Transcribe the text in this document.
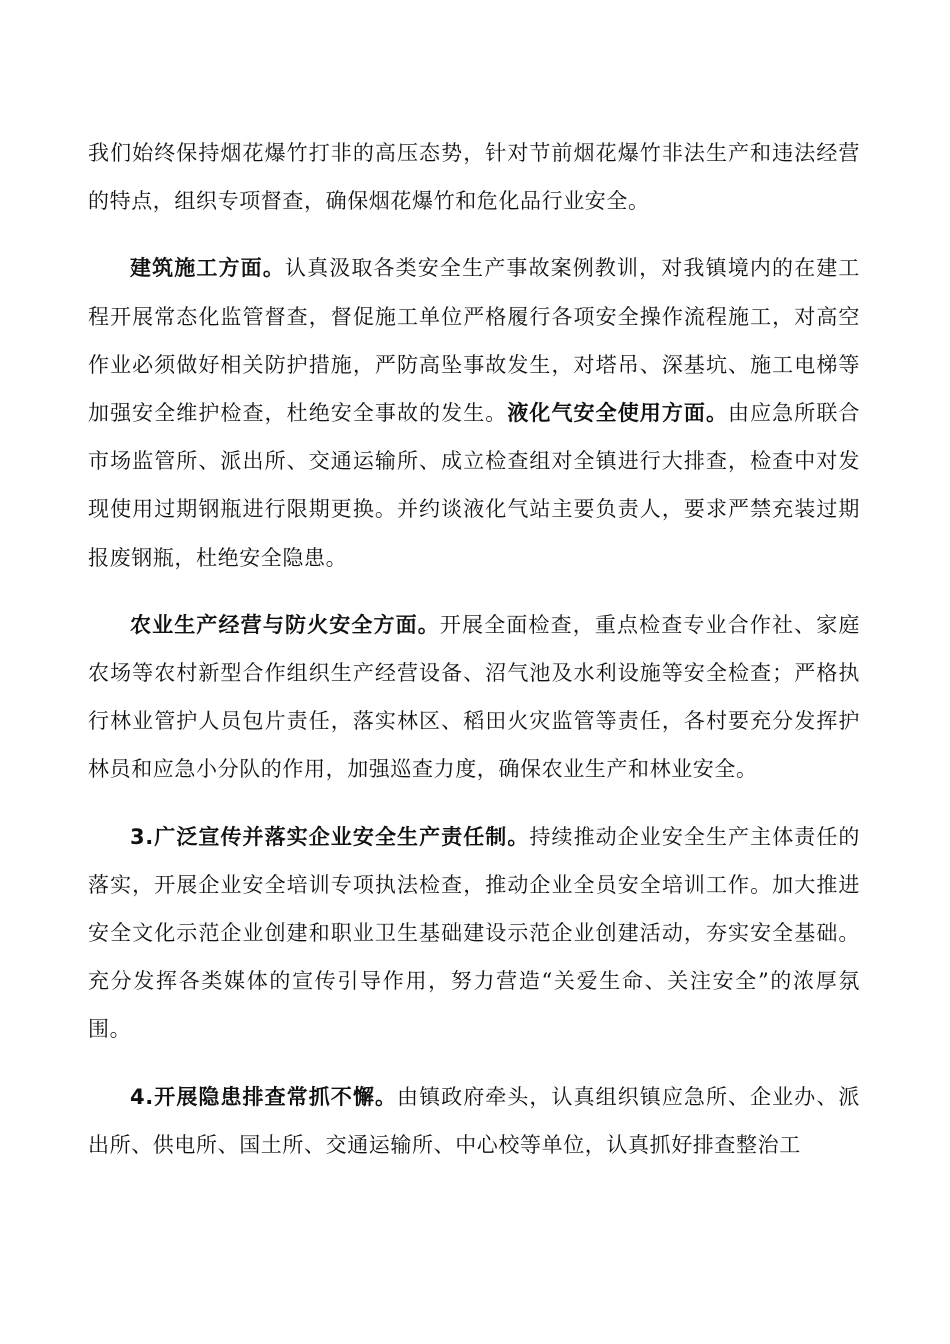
我们始终保持烟花爆竹打非的高压态势，针对节前烟花爆竹非法生产和违法经营的特点，组织专项督查，确保烟花爆竹和危化品行业安全。

建筑施工方面。认真汲取各类安全生产事故案例教训，对我镇境内的在建工程开展常态化监管督查，督促施工单位严格履行各项安全操作流程施工，对高空作业必须做好相关防护措施，严防高坠事故发生，对塔吊、深基坑、施工电梯等加强安全维护检查，杜绝安全事故的发生。液化气安全使用方面。由应急所联合市场监管所、派出所、交通运输所、成立检查组对全镇进行大排查，检查中对发现使用过期钢瓶进行限期更换。并约谈液化气站主要负责人，要求严禁充装过期报废钢瓶，杜绝安全隐患。

农业生产经营与防火安全方面。开展全面检查，重点检查专业合作社、家庭农场等农村新型合作组织生产经营设备、沼气池及水利设施等安全检查；严格执行林业管护人员包片责任，落实林区、稻田火灾监管等责任，各村要充分发挥护林员和应急小分队的作用，加强巡查力度，确保农业生产和林业安全。

3.广泛宣传并落实企业安全生产责任制。持续推动企业安全生产主体责任的落实，开展企业安全培训专项执法检查，推动企业全员安全培训工作。加大推进安全文化示范企业创建和职业卫生基础建设示范企业创建活动，夯实安全基础。充分发挥各类媒体的宣传引导作用，努力营造“关爱生命、关注安全”的浓厚氛围。

4.开展隐患排查常抓不懈。由镇政府牵头，认真组织镇应急所、企业办、派出所、供电所、国土所、交通运输所、中心校等单位，认真抓好排查整治工
